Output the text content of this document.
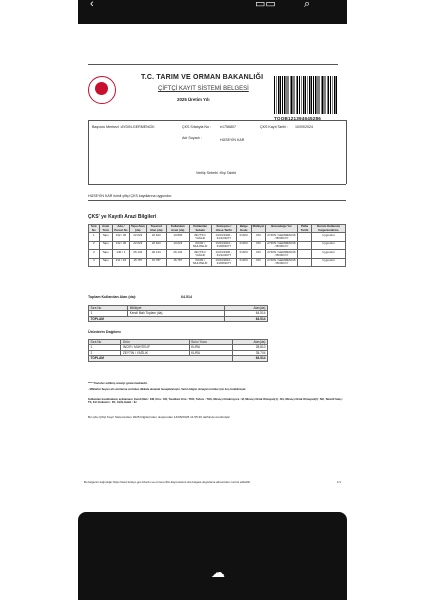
‹	▭▭	⌕
T.C. TARIM VE ORMAN BAKANLIĞI
ÇİFTÇİ KAYIT SİSTEMİ BELGESİ
2025 Üretim Yılı
TOOB121394645286
Başvuru Merkezi : AYDIN-GERMENCİK	ÇKS Sıfatıyla No :	e1756807	ÇKS Kayıt Tarihi : 10/09/2024
Adı Soyadı :	HÜSEYİN KAR
Veriliş Sebebi : Kişi Talebi
HÜSEYİN KAR isimli çiftçi ÇKS kaydlarına uygundur.
ÇKS' ye Kayıtlı Arazi Bilgileri
Sıra No	Arazi Türü	Ada / Parsel No	Tapu Alan (da)	Tasarruf Alan (da)	Kullanılan Arazi (da)	Kullanılan Sebebi	Sözleşme / Hisse Tarihi	Belge Kodu	Mülkiyet	Bulunduğu Yer	Pafta Tarihi	Durum Kullanımı Değerlendirme
1	Tapu	132 / 36	22.623	22.623	13.806	ZEYTİN / YAĞLIK	01/01/1900 - 31/12/2077	KURU	KM	AYDIN / GERMENCİK / BOZKÖY		Uygundur
2	Tapu	132 / 36	22.623	22.623	13.023	İNCİR / MUHTELİF	01/01/2010 - 31/08/2077	KURU	KM	AYDIN / GERMENCİK / BOZKÖY		Uygundur
3	Tapu	140 / 1	26.134	26.134	26.134	ZEYTİN / YAĞLIK	01/01/1900 - 31/12/2077	KURU	KM	AYDIN / GERMENCİK / BOZKÖY		Uygundur
4	Tapu	211 / 23	15.787	15.787	15.787	İNCİR / MUHTELİF	01/01/2010 - 31/08/2077	KURU	KM	AYDIN / GERMENCİK / BOZKÖY		Uygundur
Toplam Kullanılan Alan (da):	64.514
Sıra No	Mülkiyet	Alan(da)
1	Kendi Malı Toplam (da)	64.514
TOPLAM		64.514
Ürünlerin Dağılımı
Sıra No	Ürün	Sulu / Kuru	Alan(da)
1	İNCİR / MUHTELİF	KURU	28.810
2	ZEYTİN / YAĞLIK	KURU	35.704
TOPLAM			64.514
**** Transfer edilmiş araziyi göstermektedir.
- Miktarlar Suyun alt sınırlarına verinden dikkate alınarak hesaplanmıştır. Verim bilgisi olmayan ürünler için boş bırakılmıştır.
Kullanılan kısaltmaların açıklaması: Kendi Malı : KM, Kira : KR, Tasdiksiz Kira : TKR, Tahsis : THS, Mirasçı Ortakmıyora : M, Mirasçı Ortak Olmayan(1) : M1, Mirasçı Ortak Olmayan(2) : M2, Taksitli Satış : TS, Kiri Kullanım : FK, İntifa Hakkı : İH
Bu işbu Çiftçi Kayıt Sisteminden 2025 bilgilerinden oluşturulan 14/05/2025 11:55:49 tarihinde üretilmiştir.
Bu belgenin doğruluğu https://www.turkiye.gov.tr/tarim-ve-orman-ciftci-kayit-sistemi-cks-belgesi-dogrulama adresinden control edilebilir.	1/1
☁
